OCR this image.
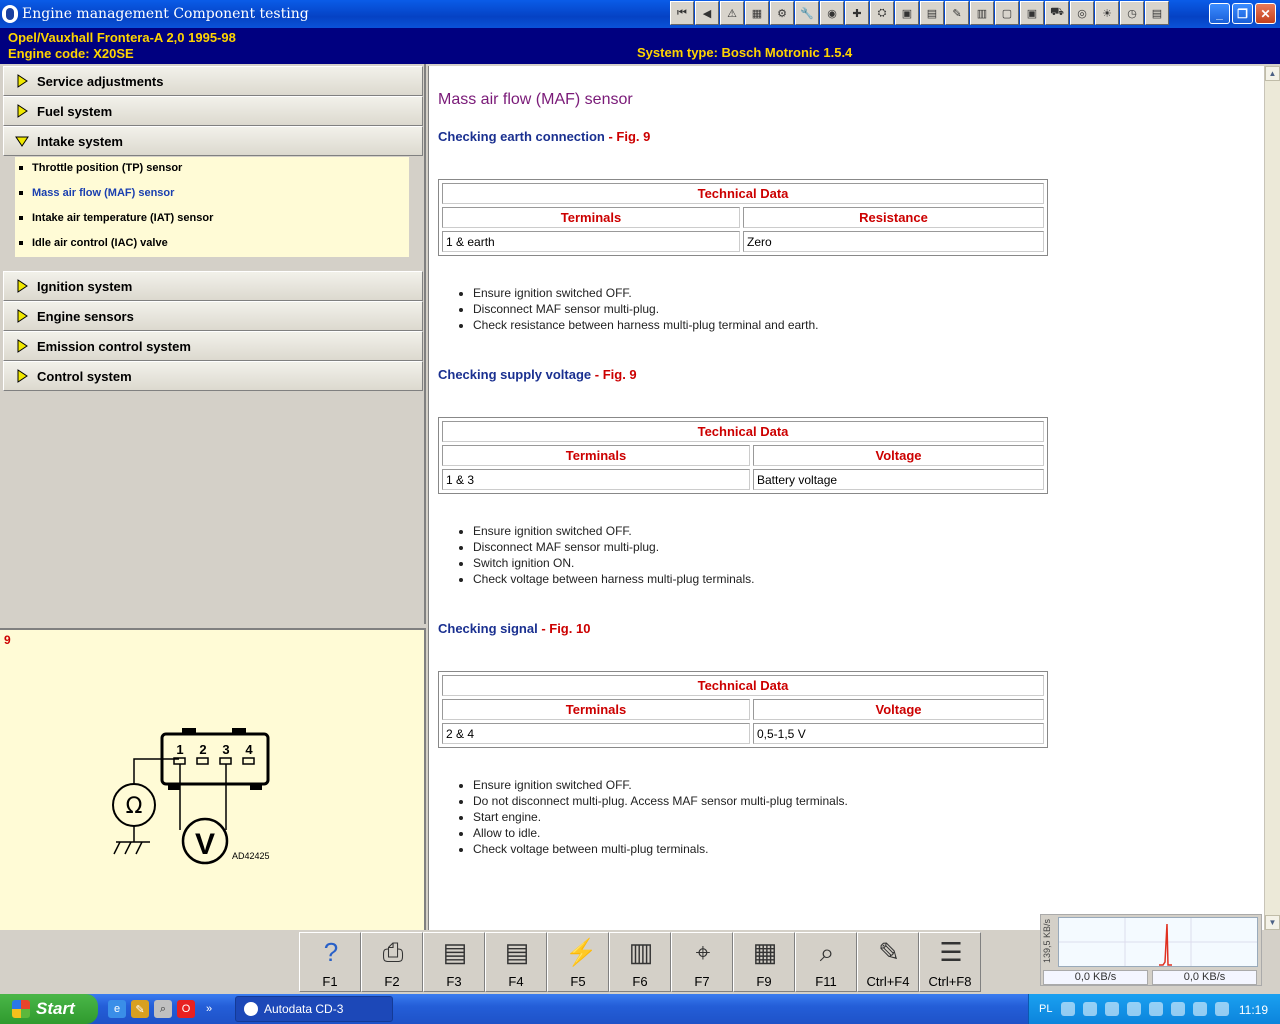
Engine management Component testing	⏮	◀	⚠	▦	⚙	🔧	◉	✚	⛭	▣	▤	✎	▥	▢	▣	⛟	◎	☀	◷	▤	_	❐	✕
Opel/Vauxhall Frontera-A 2,0 1995-98
Engine code: X20SE	System type: Bosch Motronic 1.5.4
Service adjustments
Fuel system
Intake system
Throttle position (TP) sensor
Mass air flow (MAF) sensor
Intake air temperature (IAT) sensor
Idle air control (IAC) valve
Ignition system
Engine sensors
Emission control system
Control system
9
1 2 3 4
Ω
V AD42425
Mass air flow (MAF) sensor
Checking earth connection - Fig. 9
Technical Data	
Terminals	Resistance
1 & earth	Zero
• Ensure ignition switched OFF.
• Disconnect MAF sensor multi-plug.
• Check resistance between harness multi-plug terminal and earth.
Checking supply voltage - Fig. 9
Technical Data	
Terminals	Voltage
1 & 3	Battery voltage
• Ensure ignition switched OFF.
• Disconnect MAF sensor multi-plug.
• Switch ignition ON.
• Check voltage between harness multi-plug terminals.
Checking signal - Fig. 10
Technical Data	
Terminals	Voltage
2 & 4	0,5-1,5 V
• Ensure ignition switched OFF.
• Do not disconnect multi-plug. Access MAF sensor multi-plug terminals.
• Start engine.
• Allow to idle.
• Check voltage between multi-plug terminals.
▲
▼
?
F1
⎙
F2
▤
F3
▤
F4
⚡
F5
▥
F6
⌖
F7
▦
F9
⌕
F11
✎
Ctrl+F4
☰
Ctrl+F8
139,5 KB/s
0,0 KB/s	0,0 KB/s
Start	e	✎	⌕	O	»	Autodata CD-3	PL	11:19
